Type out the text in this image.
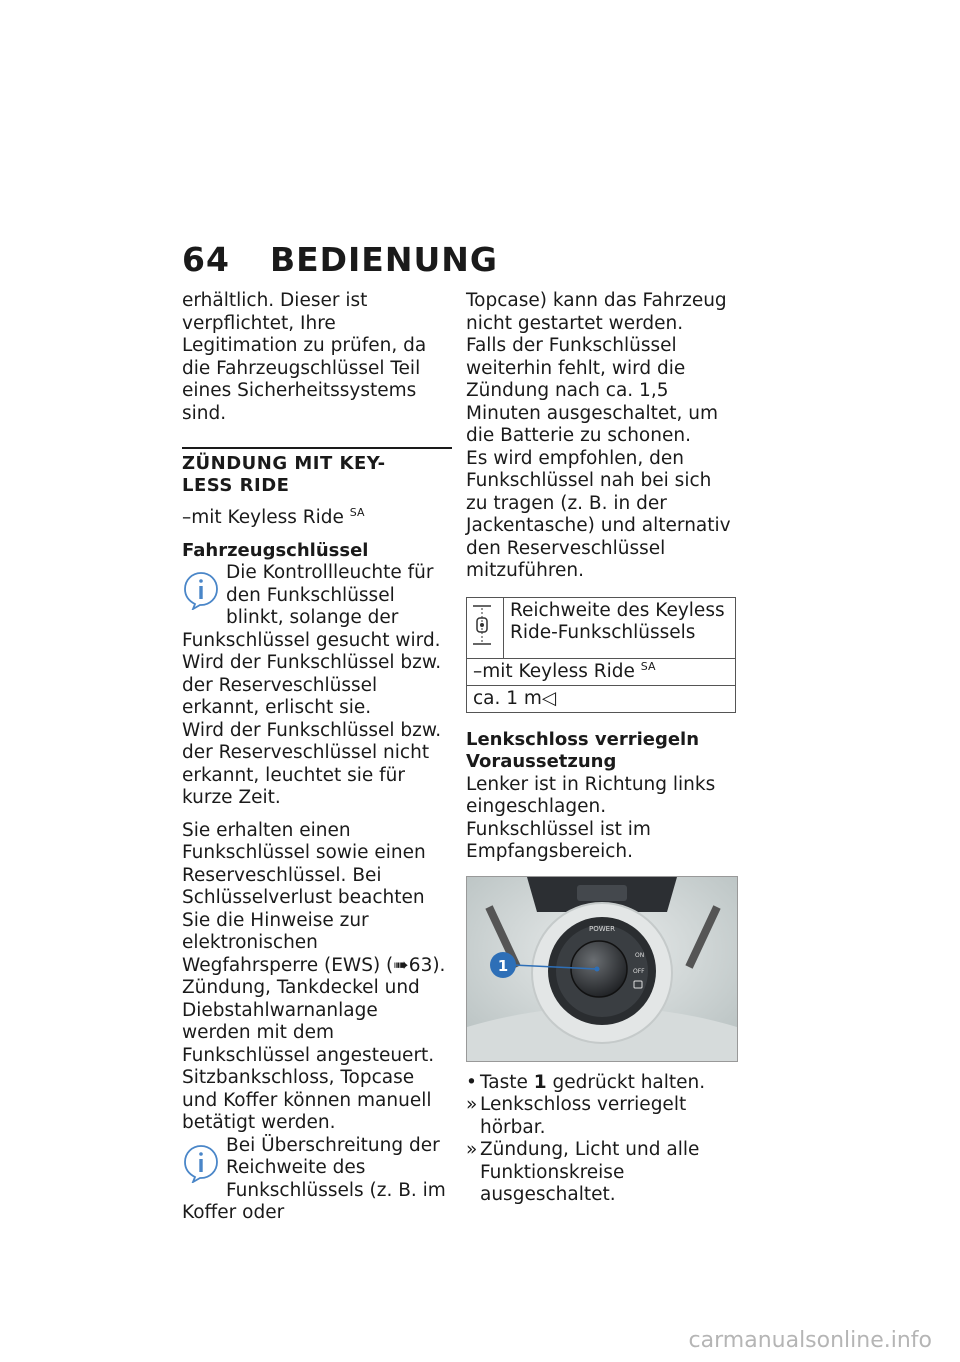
64 BEDIENUNG

erhältlich. Dieser ist verpflichtet, Ihre Legitimation zu prüfen, da die Fahrzeugschlüssel Teil eines Sicherheitssystems sind.

ZÜNDUNG MIT KEY-
LESS RIDE

–mit Keyless Ride $^{SA}$

Fahrzeugschlüssel

Die Kontrollleuchte für den Funkschlüssel blinkt, solange der Funkschlüssel gesucht wird.

Wird der Funkschlüssel bzw. der Reserveschlüssel erkannt, erlischt sie.

Wird der Funkschlüssel bzw. der Reserveschlüssel nicht erkannt, leuchtet sie für kurze Zeit.

Sie erhalten einen Funkschlüssel sowie einen Reserveschlüssel. Bei Schlüsselverlust beachten Sie die Hinweise zur elektronischen Wegfahrsperre (EWS) (➠63).

Zündung, Tankdeckel und Diebstahlwarnanlage werden mit dem Funkschlüssel angesteuert. Sitzbankschloss, Topcase und Koffer können manuell betätigt werden.

Bei Überschreitung der Reichweite des Funkschlüssels (z. B. im Koffer oder

Topcase) kann das Fahrzeug nicht gestartet werden.

Falls der Funkschlüssel weiterhin fehlt, wird die Zündung nach ca. 1,5 Minuten ausgeschaltet, um die Batterie zu schonen.

Es wird empfohlen, den Funkschlüssel nah bei sich zu tragen (z. B. in der Jackentasche) und alternativ den Reserveschlüssel mitzuführen.

	Reichweite des Keyless Ride-Funkschlüssels
–mit Keyless Ride $^{SA}$
ca. 1 m◁

Lenkschloss verriegeln

Voraussetzung

Lenker ist in Richtung links eingeschlagen. Funkschlüssel ist im Empfangsbereich.

POWER
ON
OFF
1

• Taste 1 gedrückt halten.

» Lenkschloss verriegelt hörbar.

» Zündung, Licht und alle Funktionskreise ausgeschaltet.

carmanualsonline.info
